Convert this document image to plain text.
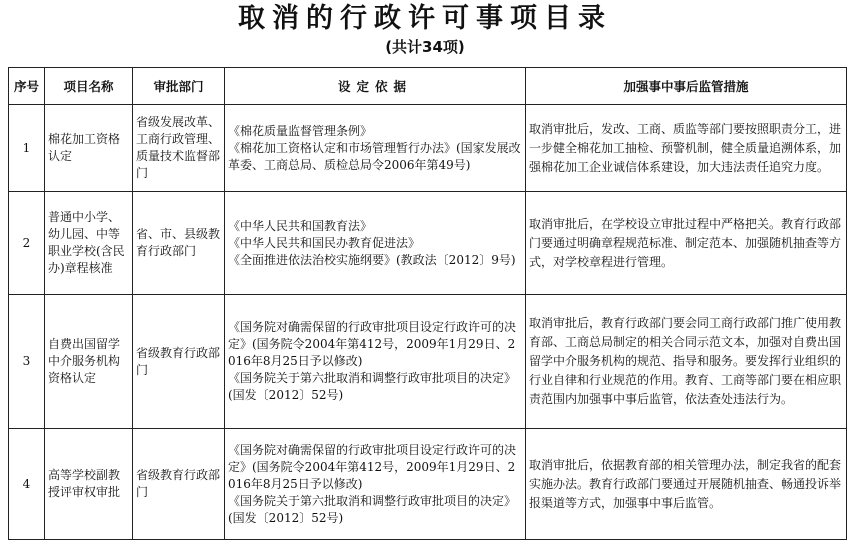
取消的行政许可事项目录
(共计34项)
序号	项目名称	审批部门	设定依据	加强事中事后监管措施
1	棉花加工资格认定	省级发展改革、工商行政管理、质量技术监督部门	《棉花质量监督管理条例》
《棉花加工资格认定和市场管理暂行办法》(国家发展改革委、工商总局、质检总局令2006年第49号)	取消审批后，发改、工商、质监等部门要按照职责分工，进一步健全棉花加工抽检、预警机制，健全质量追溯体系，加强棉花加工企业诚信体系建设，加大违法责任追究力度。
2	普通中小学、幼儿园、中等职业学校(含民办)章程核准	省、市、县级教育行政部门	《中华人民共和国教育法》
《中华人民共和国民办教育促进法》
《全面推进依法治校实施纲要》(教政法〔2012〕9号)	取消审批后，在学校设立审批过程中严格把关。教育行政部门要通过明确章程规范标准、制定范本、加强随机抽查等方式，对学校章程进行管理。
3	自费出国留学中介服务机构资格认定	省级教育行政部门	《国务院对确需保留的行政审批项目设定行政许可的决定》(国务院令2004年第412号，2009年1月29日、2016年8月25日予以修改)
《国务院关于第六批取消和调整行政审批项目的决定》(国发〔2012〕52号)	取消审批后，教育行政部门要会同工商行政部门推广使用教育部、工商总局制定的相关合同示范文本，加强对自费出国留学中介服务机构的规范、指导和服务。要发挥行业组织的行业自律和行业规范的作用。教育、工商等部门要在相应职责范围内加强事中事后监管，依法查处违法行为。
4	高等学校副教授评审权审批	省级教育行政部门	《国务院对确需保留的行政审批项目设定行政许可的决定》(国务院令2004年第412号，2009年1月29日、2016年8月25日予以修改)
《国务院关于第六批取消和调整行政审批项目的决定》(国发〔2012〕52号)	取消审批后，依据教育部的相关管理办法，制定我省的配套实施办法。教育行政部门要通过开展随机抽查、畅通投诉举报渠道等方式，加强事中事后监管。
